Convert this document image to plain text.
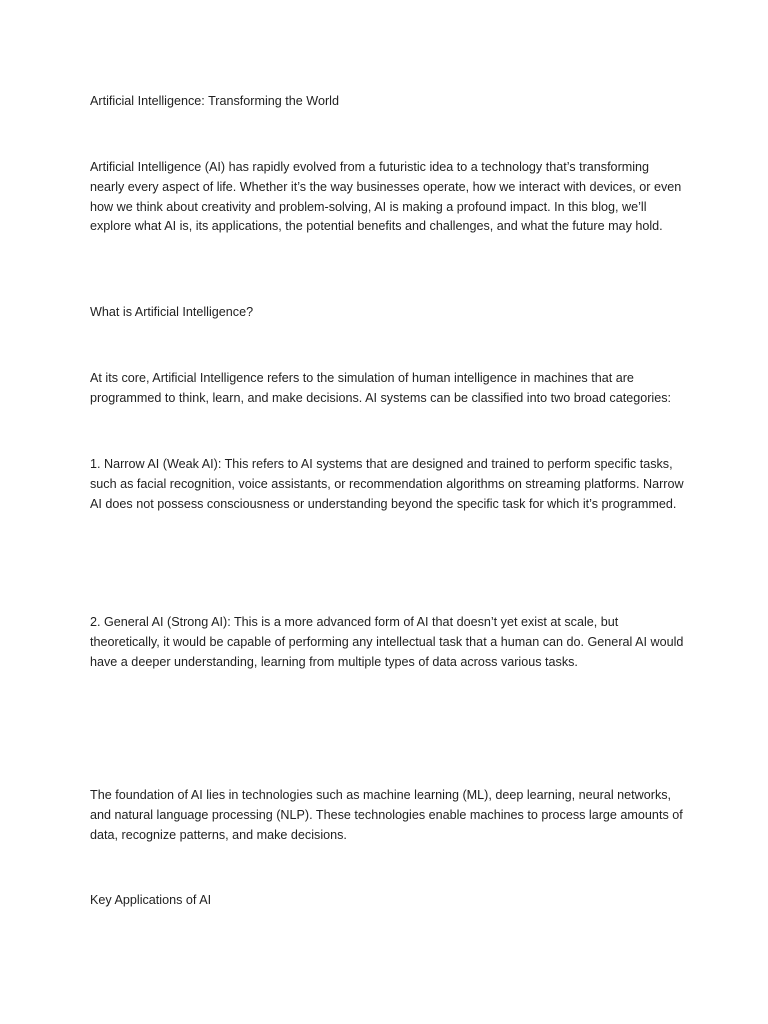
Artificial Intelligence: Transforming the World

Artificial Intelligence (AI) has rapidly evolved from a futuristic idea to a technology that’s transforming nearly every aspect of life. Whether it’s the way businesses operate, how we interact with devices, or even how we think about creativity and problem-solving, AI is making a profound impact. In this blog, we’ll explore what AI is, its applications, the potential benefits and challenges, and what the future may hold.

What is Artificial Intelligence?

At its core, Artificial Intelligence refers to the simulation of human intelligence in machines that are programmed to think, learn, and make decisions. AI systems can be classified into two broad categories:

1. Narrow AI (Weak AI): This refers to AI systems that are designed and trained to perform specific tasks, such as facial recognition, voice assistants, or recommendation algorithms on streaming platforms. Narrow AI does not possess consciousness or understanding beyond the specific task for which it’s programmed.

2. General AI (Strong AI): This is a more advanced form of AI that doesn’t yet exist at scale, but theoretically, it would be capable of performing any intellectual task that a human can do. General AI would have a deeper understanding, learning from multiple types of data across various tasks.

The foundation of AI lies in technologies such as machine learning (ML), deep learning, neural networks, and natural language processing (NLP). These technologies enable machines to process large amounts of data, recognize patterns, and make decisions.

Key Applications of AI
